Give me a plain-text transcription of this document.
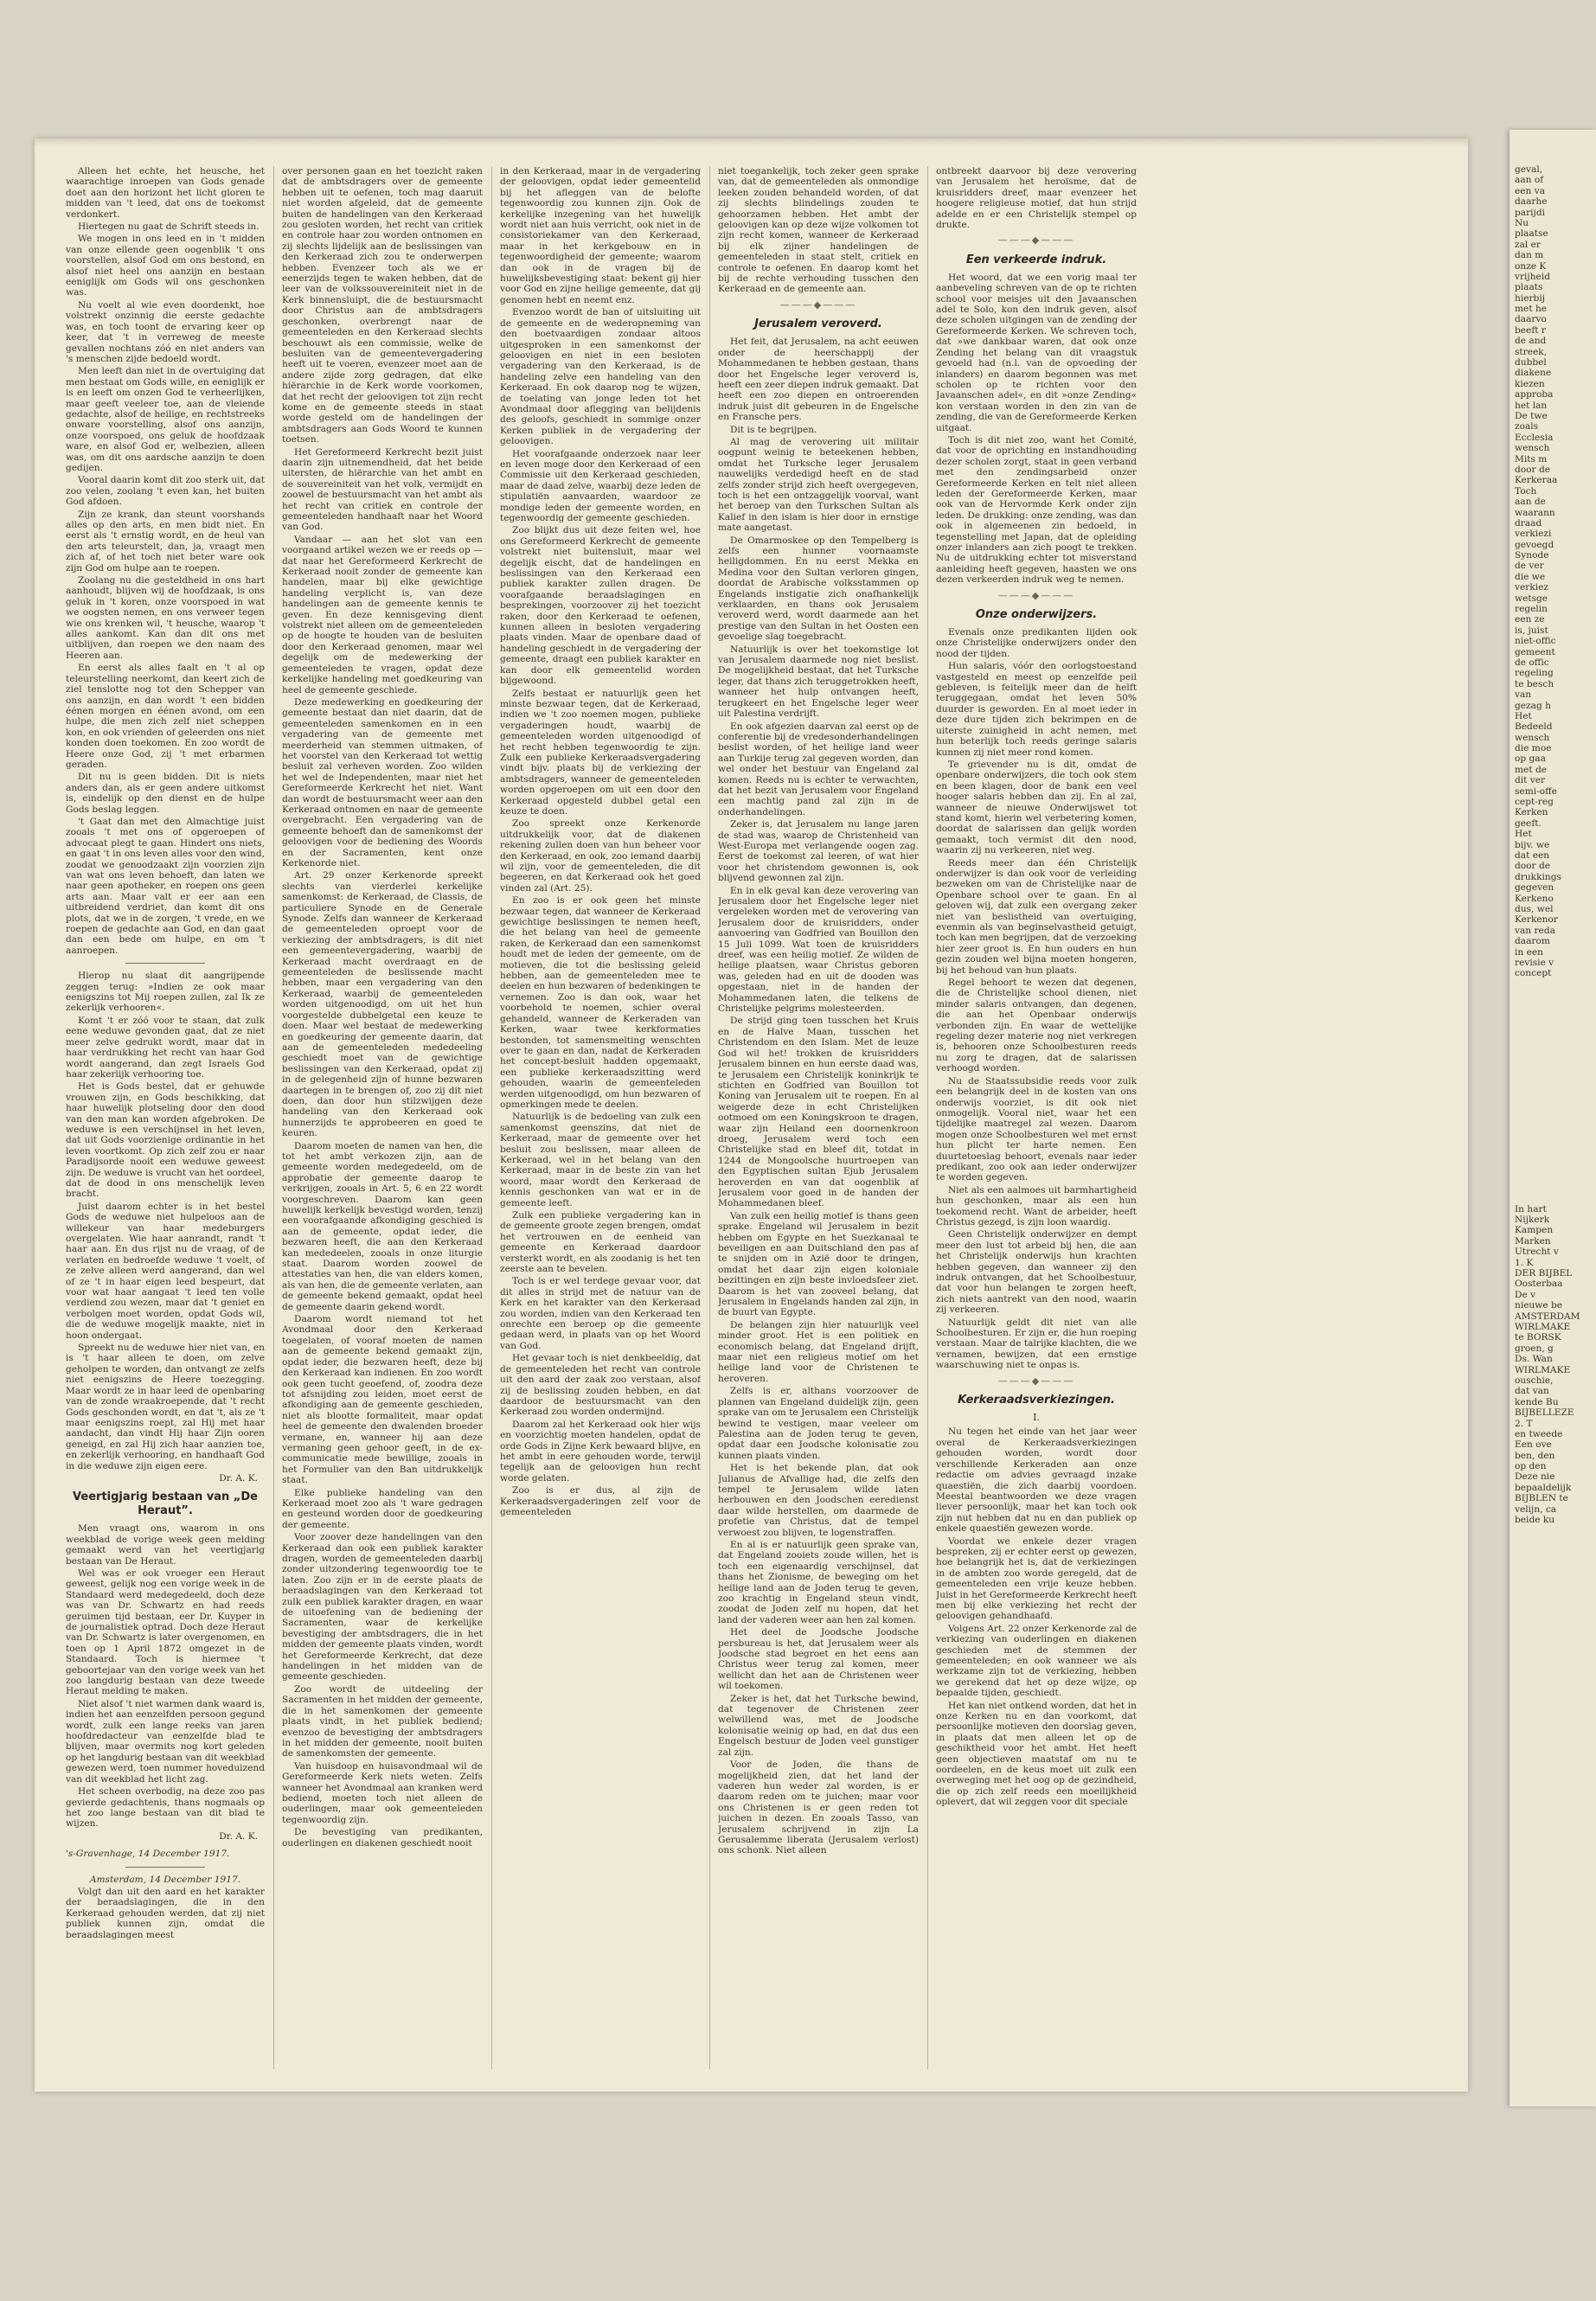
Alleen het echte, het heusche, het waarachtige inroepen van Gods genade doet aan den horizont het licht gloren te midden van 't leed, dat ons de toekomst verdonkert.

Hiertegen nu gaat de Schrift steeds in.

We mogen in ons leed en in 't midden van onze ellende geen oogenblik 't ons voorstellen, alsof God om ons bestond, en alsof niet heel ons aanzijn en bestaan eeniglijk om Gods wil ons geschonken was.

Nu voelt al wie even doordenkt, hoe volstrekt onzinnig die eerste gedachte was, en toch toont de ervaring keer op keer, dat 't in verreweg de meeste gevallen nochtans zóó en niet anders van 's menschen zijde bedoeld wordt.

Men leeft dan niet in de overtuiging dat men bestaat om Gods wille, en eeniglijk er is en leeft om onzen God te verheerlijken, maar geeft veeleer toe, aan de vleiende gedachte, alsof de heilige, en rechtstreeks onware voorstelling, alsof ons aanzijn, onze voorspoed, ons geluk de hoofdzaak ware, en alsof God er, welbezien, alleen was, om dit ons aardsche aanzijn te doen gedijen.

Vooral daarin komt dit zoo sterk uit, dat zoo velen, zoolang 't even kan, het buiten God afdoen.

Zijn ze krank, dan steunt voorshands alles op den arts, en men bidt niet. En eerst als 't ernstig wordt, en de heul van den arts teleurstelt, dan, ja, vraagt men zich af, of het toch niet beter ware ook zijn God om hulpe aan te roepen.

Zoolang nu die gesteldheid in ons hart aanhoudt, blijven wij de hoofdzaak, is ons geluk in 't koren, onze voorspoed in wat we oogsten nemen, en ons verweer tegen wie ons krenken wil, 't heusche, waarop 't alles aankomt. Kan dan dit ons met uitblijven, dan roepen we den naam des Heeren aan.

En eerst als alles faalt en 't al op teleurstelling neerkomt, dan keert zich de ziel tenslotte nog tot den Schepper van ons aanzijn, en dan wordt 't een bidden éénen morgen en éénen avond, om een hulpe, die men zich zelf niet scheppen kon, en ook vrienden of geleerden ons niet konden doen toekomen. En zoo wordt de Heere onze God, zij 't met erbarmen geraden.

Dit nu is geen bidden. Dit is niets anders dan, als er geen andere uitkomst is, eindelijk op den dienst en de hulpe Gods beslag leggen.

't Gaat dan met den Almachtige juist zooals 't met ons of opgeroepen of advocaat plegt te gaan. Hindert ons niets, en gaat 't in ons leven alles voor den wind, zoodat we genoodzaakt zijn voorzien zijn van wat ons leven behoeft, dan laten we naar geen apotheker, en roepen ons geen arts aan. Maar valt er eer aan een uitbreidend verdriet, dan komt dit ons plots, dat we in de zorgen, 't vrede, en we roepen de gedachte aan God, en dan gaat dan een bede om hulpe, en om 't aanroepen.

Hierop nu slaat dit aangrijpende zeggen terug: »Indien ze ook maar eenigszins tot Mij roepen zullen, zal Ik ze zekerlijk verhooren«.

Komt 't er zóó voor te staan, dat zulk eene weduwe gevonden gaat, dat ze niet meer zelve gedrukt wordt, maar dat in haar verdrukking het recht van haar God wordt aangerand, dan zegt Israels God haar zekerlijk verhooring toe.

Het is Gods bestel, dat er gehuwde vrouwen zijn, en Gods beschikking, dat haar huwelijk plotseling door den dood van den man kan worden afgebroken. De weduwe is een verschijnsel in het leven, dat uit Gods voorzienige ordinantie in het leven voortkomt. Op zich zelf zou er naar Paradijsorde nooit een weduwe geweest zijn. De weduwe is vrucht van het oordeel, dat de dood in ons menschelijk leven bracht.

Juist daarom echter is in het bestel Gods de weduwe niet hulpeloos aan de willekeur van haar medeburgers overgelaten. Wie haar aanrandt, randt 't haar aan. En dus rijst nu de vraag, of de verlaten en bedroefde weduwe 't voelt, of ze zelve alleen werd aangerand, dan wel of ze 't in haar eigen leed bespeurt, dat voor wat haar aangaat 't leed ten volle verdiend zou wezen, maar dat 't geniet en verbolgen moet worden, opdat Gods wil, die de weduwe mogelijk maakte, niet in hoon ondergaat.

Spreekt nu de weduwe hier niet van, en is 't haar alleen te doen, om zelve geholpen te worden, dan ontvangt ze zelfs niet eenigszins de Heere toezegging. Maar wordt ze in haar leed de openbaring van de zonde wraakroepende, dat 't recht Gods geschonden wordt, en dat 't, als ze 't maar eenigszins roept, zal Hij met haar aandacht, dan vindt Hij haar Zijn ooren geneigd, en zal Hij zich haar aanzien toe, en zekerlijk verhooring, en handhaaft God in die weduwe zijn eigen eere.

Dr. A. K.
Veertigjarig bestaan van „De Heraut”.

Men vraagt ons, waarom in ons weekblad de vorige week geen melding gemaakt werd van het veertigjarig bestaan van De Heraut.

Wel was er ook vroeger een Heraut geweest, gelijk nog een vorige week in de Standaard werd medegedeeld, doch deze was van Dr. Schwartz en had reeds geruimen tijd bestaan, eer Dr. Kuyper in de journalistiek optrad. Doch deze Heraut van Dr. Schwartz is later overgenomen, en toen op 1 April 1872 omgezet in de Standaard. Toch is hiermee 't geboortejaar van den vorige week van het zoo langdurig bestaan van deze tweede Heraut melding te maken.

Niet alsof 't niet warmen dank waard is, indien het aan eenzelfden persoon gegund wordt, zulk een lange reeks van jaren hoofdredacteur van eenzelfde blad te blijven, maar overmits nog kort geleden op het langdurig bestaan van dit weekblad gewezen werd, toen nummer hoveduizend van dit weekblad het licht zag.

Het scheen overbodig, na deze zoo pas gevierde gedachtenis, thans nogmaals op het zoo lange bestaan van dit blad te wijzen.

Dr. A. K.
's-Gravenhage, 14 December 1917.
Amsterdam, 14 December 1917.

Volgt dan uit den aard en het karakter der beraadslagingen, die in den Kerkeraad gehouden werden, dat zij niet publiek kunnen zijn, omdat die beraadslagingen meest

over personen gaan en het toezicht raken dat de ambtsdragers over de gemeente hebben uit te oefenen, toch mag daaruit niet worden afgeleid, dat de gemeente buiten de handelingen van den Kerkeraad zou gesloten worden, het recht van critiek en controle haar zou worden ontnomen en zij slechts lijdelijk aan de beslissingen van den Kerkeraad zich zou te onderwerpen hebben. Evenzeer toch als we er eenerzijds tegen te waken hebben, dat de leer van de volkssouvereiniteit niet in de Kerk binnensluipt, die de bestuursmacht door Christus aan de ambtsdragers geschonken, overbrengt naar de gemeenteleden en den Kerkeraad slechts beschouwt als een commissie, welke de besluiten van de gemeentevergadering heeft uit te voeren, evenzeer moet aan de andere zijde zorg gedragen, dat elke hiërarchie in de Kerk worde voorkomen, dat het recht der geloovigen tot zijn recht kome en de gemeente steeds in staat worde gesteld om de handelingen der ambtsdragers aan Gods Woord te kunnen toetsen.

Het Gereformeerd Kerkrecht bezit juist daarin zijn uitnemendheid, dat het beide uitersten, de hiërarchie van het ambt en de souvereiniteit van het volk, vermijdt en zoowel de bestuursmacht van het ambt als het recht van critiek en controle der gemeenteleden handhaaft naar het Woord van God.

Vandaar — aan het slot van een voorgaand artikel wezen we er reeds op — dat naar het Gereformeerd Kerkrecht de Kerkeraad nooit zonder de gemeente kan handelen, maar bij elke gewichtige handeling verplicht is, van deze handelingen aan de gemeente kennis te geven. En deze kennisgeving dient volstrekt niet alleen om de gemeenteleden op de hoogte te houden van de besluiten door den Kerkeraad genomen, maar wel degelijk om de medewerking der gemeenteleden te vragen, opdat deze kerkelijke handeling met goedkeuring van heel de gemeente geschiede.

Deze medewerking en goedkeuring der gemeente bestaat dan niet daarin, dat de gemeenteleden samenkomen en in een vergadering van de gemeente met meerderheid van stemmen uitmaken, of het voorstel van den Kerkeraad tot wettig besluit zal verheven worden. Zoo wilden het wel de Independenten, maar niet het Gereformeerde Kerkrecht het niet. Want dan wordt de bestuursmacht weer aan den Kerkeraad ontnomen en naar de gemeente overgebracht. Een vergadering van de gemeente behoeft dan de samenkomst der geloovigen voor de bediening des Woords en der Sacramenten, kent onze Kerkenorde niet.

Art. 29 onzer Kerkenorde spreekt slechts van vierderlei kerkelijke samenkomst: de Kerkeraad, de Classis, de particuliere Synode en de Generale Synode. Zelfs dan wanneer de Kerkeraad de gemeenteleden oproept voor de verkiezing der ambtsdragers, is dit niet een gemeentevergadering, waarbij de Kerkeraad macht overdraagt en de gemeenteleden de beslissende macht hebben, maar een vergadering van den Kerkeraad, waarbij de gemeenteleden worden uitgenoodigd, om uit het hun voorgestelde dubbelgetal een keuze te doen. Maar wel bestaat de medewerking en goedkeuring der gemeente daarin, dat aan de gemeenteleden mededeeling geschiedt moet van de gewichtige beslissingen van den Kerkeraad, opdat zij in de gelegenheid zijn of hunne bezwaren daartegen in te brengen of, zoo zij dit niet doen, dan door hun stilzwijgen deze handeling van den Kerkeraad ook hunnerzijds te approbeeren en goed te keuren.

Daarom moeten de namen van hen, die tot het ambt verkozen zijn, aan de gemeente worden medegedeeld, om de approbatie der gemeente daarop te verkrijgen, zooals in Art. 5, 6 en 22 wordt voorgeschreven. Daarom kan geen huwelijk kerkelijk bevestigd worden, tenzij een voorafgaande afkondiging geschied is aan de gemeente, opdat ieder, die bezwaren heeft, die aan den Kerkeraad kan mededeelen, zooals in onze liturgie staat. Daarom worden zoowel de attestaties van hen, die van elders komen, als van hen, die de gemeente verlaten, aan de gemeente bekend gemaakt, opdat heel de gemeente daarin gekend wordt.

Daarom wordt niemand tot het Avondmaal door den Kerkeraad toegelaten, of vooraf moeten de namen aan de gemeente bekend gemaakt zijn, opdat ieder, die bezwaren heeft, deze bij den Kerkeraad kan indienen. En zoo wordt ook geen tucht geoefend, of, zoodra deze tot afsnijding zou leiden, moet eerst de afkondiging aan de gemeente geschieden, niet als blootte formaliteit, maar opdat heel de gemeente den dwalenden broeder vermane, en, wanneer hij aan deze vermaning geen gehoor geeft, in de ex-communicatie mede bewillige, zooals in het Formulier van den Ban uitdrukkelijk staat.

Elke publieke handeling van den Kerkeraad moet zoo als 't ware gedragen en gesteund worden door de goedkeuring der gemeente.

Voor zoover deze handelingen van den Kerkeraad dan ook een publiek karakter dragen, worden de gemeenteleden daarbij zonder uitzondering tegenwoordig toe te laten. Zoo zijn er in de eerste plaats de beraadslagingen van den Kerkeraad tot zulk een publiek karakter dragen, en waar de uitoefening van de bediening der Sacramenten, waar de kerkelijke bevestiging der ambtsdragers, die in het midden der gemeente plaats vinden, wordt het Gereformeerde Kerkrecht, dat deze handelingen in het midden van de gemeente geschieden.

Zoo wordt de uitdeeling der Sacramenten in het midden der gemeente, die in het samenkomen der gemeente plaats vindt, in het publiek bediend; evenzoo de bevestiging der ambtsdragers in het midden der gemeente, nooit buiten de samenkomsten der gemeente.

Van huisdoop en huisavondmaal wil de Gereformeerde Kerk niets weten. Zelfs wanneer het Avondmaal aan kranken werd bediend, moeten toch niet alleen de ouderlingen, maar ook gemeenteleden tegenwoordig zijn.

De bevestiging van predikanten, ouderlingen en diakenen geschiedt nooit

in den Kerkeraad, maar in de vergadering der geloovigen, opdat ieder gemeentelid bij het afleggen van de belofte tegenwoordig zou kunnen zijn. Ook de kerkelijke inzegening van het huwelijk wordt niet aan huis verricht, ook niet in de consistoriekamer van den Kerkeraad, maar in het kerkgebouw en in tegenwoordigheid der gemeente; waarom dan ook in de vragen bij de huwelijksbevestiging staat: bekent gij hier voor God en zijne heilige gemeente, dat gij genomen hebt en neemt enz.

Evenzoo wordt de ban of uitsluiting uit de gemeente en de wederopneming van den boetvaardigen zondaar altoos uitgesproken in een samenkomst der geloovigen en niet in een besloten vergadering van den Kerkeraad, is de handeling zelve een handeling van den Kerkeraad. En ook daarop nog te wijzen, de toelating van jonge leden tot het Avondmaal door aflegging van belijdenis des geloofs, geschiedt in sommige onzer Kerken publiek in de vergadering der geloovigen.

Het voorafgaande onderzoek naar leer en leven moge door den Kerkeraad of een Commissie uit den Kerkeraad geschieden, maar de daad zelve, waarbij deze leden de stipulatiën aanvaarden, waardoor ze mondige leden der gemeente worden, en tegenwoordig der gemeente geschieden.

Zoo blijkt dus uit deze feiten wel, hoe ons Gereformeerd Kerkrecht de gemeente volstrekt niet buitensluit, maar wel degelijk eischt, dat de handelingen en beslissingen van den Kerkeraad een publiek karakter zullen dragen. De voorafgaande beraadslagingen en besprekingen, voorzoover zij het toezicht raken, door den Kerkeraad te oefenen, kunnen alleen in besloten vergadering plaats vinden. Maar de openbare daad of handeling geschiedt in de vergadering der gemeente, draagt een publiek karakter en kan door elk gemeentelid worden bijgewoond.

Zelfs bestaat er natuurlijk geen het minste bezwaar tegen, dat de Kerkeraad, indien we 't zoo noemen mogen, publieke vergaderingen houdt, waarbij de gemeenteleden worden uitgenoodigd of het recht hebben tegenwoordig te zijn. Zulk een publieke Kerkeraadsvergadering vindt bijv. plaats bij de verkiezing der ambtsdragers, wanneer de gemeenteleden worden opgeroepen om uit een door den Kerkeraad opgesteld dubbel getal een keuze te doen.

Zoo spreekt onze Kerkenorde uitdrukkelijk voor, dat de diakenen rekening zullen doen van hun beheer voor den Kerkeraad, en ook, zoo iemand daarbij wil zijn, voor de gemeenteleden, die dit begeeren, en dat Kerkeraad ook het goed vinden zal (Art. 25).

En zoo is er ook geen het minste bezwaar tegen, dat wanneer de Kerkeraad gewichtige beslissingen te nemen heeft, die het belang van heel de gemeente raken, de Kerkeraad dan een samenkomst houdt met de leden der gemeente, om de motieven, die tot die beslissing geleid hebben, aan de gemeenteleden mee te deelen en hun bezwaren of bedenkingen te vernemen. Zoo is dan ook, waar het voorbehold te noemen, schier overal gehandeld, wanneer de Kerkeraden van Kerken, waar twee kerkformaties bestonden, tot samensmelting wenschten over te gaan en dan, nadat de Kerkeraden het concept-besluit hadden opgemaakt, een publieke kerkeraadszitting werd gehouden, waarin de gemeenteleden werden uitgenoodigd, om hun bezwaren of opmerkingen mede te deelen.

Natuurlijk is de bedoeling van zulk een samenkomst geenszins, dat niet de Kerkeraad, maar de gemeente over het besluit zou beslissen, maar alleen de Kerkeraad, wel in het belang van den Kerkeraad, maar in de beste zin van het woord, maar wordt den Kerkeraad de kennis geschonken van wat er in de gemeente leeft.

Zulk een publieke vergadering kan in de gemeente groote zegen brengen, omdat het vertrouwen en de eenheid van gemeente en Kerkeraad daardoor versterkt wordt, en als zoodanig is het ten zeerste aan te bevelen.

Toch is er wel terdege gevaar voor, dat dit alles in strijd met de natuur van de Kerk en het karakter van den Kerkeraad zou worden, indien van den Kerkeraad ten onrechte een beroep op die gemeente gedaan werd, in plaats van op het Woord van God.

Het gevaar toch is niet denkbeeldig, dat de gemeenteleden het recht van controle uit den aard der zaak zoo verstaan, alsof zij de beslissing zouden hebben, en dat daardoor de bestuursmacht van den Kerkeraad zou worden ondermijnd.

Daarom zal het Kerkeraad ook hier wijs en voorzichtig moeten handelen, opdat de orde Gods in Zijne Kerk bewaard blijve, en het ambt in eere gehouden worde, terwijl tegelijk aan de geloovigen hun recht worde gelaten.

Zoo is er dus, al zijn de Kerkeraadsvergaderingen zelf voor de gemeenteleden

niet toegankelijk, toch zeker geen sprake van, dat de gemeenteleden als onmondige leeken zouden behandeld worden, of dat zij slechts blindelings zouden te gehoorzamen hebben. Het ambt der geloovigen kan op deze wijze volkomen tot zijn recht komen, wanneer de Kerkeraad bij elk zijner handelingen de gemeenteleden in staat stelt, critiek en controle te oefenen. En daarop komt het bij de rechte verhouding tusschen den Kerkeraad en de gemeente aan.

———◆———
Jerusalem veroverd.

Het feit, dat Jerusalem, na acht eeuwen onder de heerschappij der Mohammedanen te hebben gestaan, thans door het Engelsche leger veroverd is, heeft een zeer diepen indruk gemaakt. Dat heeft een zoo diepen en ontroerenden indruk juist dit gebeuren in de Engelsche en Fransche pers.

Dit is te begrijpen.

Al mag de verovering uit militair oogpunt weinig te beteekenen hebben, omdat het Turksche leger Jerusalem nauwelijks verdedigd heeft en de stad zelfs zonder strijd zich heeft overgegeven, toch is het een ontzaggelijk voorval, want het beroep van den Turkschen Sultan als Kalief in den islam is hier door in ernstige mate aangetast.

De Omarmoskee op den Tempelberg is zelfs een hunner voornaamste heiligdommen. En nu eerst Mekka en Medina voor den Sultan verloren gingen, doordat de Arabische volksstammen op Engelands instigatie zich onafhankelijk verklaarden, en thans ook Jerusalem veroverd werd, wordt daarmede aan het prestige van den Sultan in het Oosten een gevoelige slag toegebracht.

Natuurlijk is over het toekomstige lot van Jerusalem daarmede nog niet beslist. De mogelijkheid bestaat, dat het Turksche leger, dat thans zich teruggetrokken heeft, wanneer het hulp ontvangen heeft, terugkeert en het Engelsche leger weer uit Palestina verdrijft.

En ook afgezien daarvan zal eerst op de conferentie bij de vredesonderhandelingen beslist worden, of het heilige land weer aan Turkije terug zal gegeven worden, dan wel onder het bestuur van Engeland zal komen. Reeds nu is echter te verwachten, dat het bezit van Jerusalem voor Engeland een machtig pand zal zijn in de onderhandelingen.

Zeker is, dat Jerusalem nu lange jaren de stad was, waarop de Christenheid van West-Europa met verlangende oogen zag. Eerst de toekomst zal leeren, of wat hier voor het christendom gewonnen is, ook blijvend gewonnen zal zijn.

En in elk geval kan deze verovering van Jerusalem door het Engelsche leger niet vergeleken worden met de verovering van Jerusalem door de kruisridders, onder aanvoering van Godfried van Bouillon den 15 Juli 1099. Wat toen de kruisridders dreef, was een heilig motief. Ze wilden de heilige plaatsen, waar Christus geboren was, geleden had en uit de dooden was opgestaan, niet in de handen der Mohammedanen laten, die telkens de Christelijke pelgrims molesteerden.

De strijd ging toen tusschen het Kruis en de Halve Maan, tusschen het Christendom en den Islam. Met de leuze God wil het! trokken de kruisridders Jerusalem binnen en hun eerste daad was, te Jerusalem een Christelijk koninkrijk te stichten en Godfried van Bouillon tot Koning van Jerusalem uit te roepen. En al weigerde deze in echt Christelijken ootmoed om een Koningskroon te dragen, waar zijn Heiland een doornenkroon droeg, Jerusalem werd toch een Christelijke stad en bleef dit, totdat in 1244 de Mongoolsche huurtroepen van den Egyptischen sultan Ejub Jerusalem heroverden en van dat oogenblik af Jerusalem voor goed in de handen der Mohammedanen bleef.

Van zulk een heilig motief is thans geen sprake. Engeland wil Jerusalem in bezit hebben om Egypte en het Suezkanaal te beveiligen en aan Duitschland den pas af te snijden om in Azië door te dringen, omdat het daar zijn eigen koloniale bezittingen en zijn beste invloedsfeer ziet. Daarom is het van zooveel belang, dat Jerusalem in Engelands handen zal zijn, in de buurt van Egypte.

De belangen zijn hier natuurlijk veel minder groot. Het is een politiek en economisch belang, dat Engeland drijft, maar niet een religieus motief om het heilige land voor de Christenen te heroveren.

Zelfs is er, althans voorzoover de plannen van Engeland duidelijk zijn, geen sprake van om te Jerusalem een Christelijk bewind te vestigen, maar veeleer om Palestina aan de Joden terug te geven, opdat daar een Joodsche kolonisatie zou kunnen plaats vinden.

Het is het bekende plan, dat ook Julianus de Afvallige had, die zelfs den tempel te Jerusalem wilde laten herbouwen en den Joodschen eeredienst daar wilde herstellen, om daarmede de profetie van Christus, dat de tempel verwoest zou blijven, te logenstraffen.

En al is er natuurlijk geen sprake van, dat Engeland zooiets zoude willen, het is toch een eigenaardig verschijnsel, dat thans het Zionisme, de beweging om het heilige land aan de Joden terug te geven, zoo krachtig in Engeland steun vindt, zoodat de Joden zelf nu hopen, dat het land der vaderen weer aan hen zal komen.

Het deel de Joodsche Joodsche persbureau is het, dat Jerusalem weer als Joodsche stad begroet en het eens aan Christus weer terug zal komen, meer wellicht dan het aan de Christenen weer wil toekomen.

Zeker is het, dat het Turksche bewind, dat tegenover de Christenen zeer welwillend was, met de Joodsche kolonisatie weinig op had, en dat dus een Engelsch bestuur de Joden veel gunstiger zal zijn.

Voor de Joden, die thans de mogelijkheid zien, dat het land der vaderen hun weder zal worden, is er daarom reden om te juichen; maar voor ons Christenen is er geen reden tot juichen in dezen. En zooals Tasso, van Jerusalem schrijvend in zijn La Gerusalemme liberata (Jerusalem verlost) ons schonk. Niet alleen

ontbreekt daarvoor bij deze verovering van Jerusalem het heroïsme, dat de kruisridders dreef, maar evenzeer het hoogere religieuse motief, dat hun strijd adelde en er een Christelijk stempel op drukte.

———◆———
Een verkeerde indruk.

Het woord, dat we een vorig maal ter aanbeveling schreven van de op te richten school voor meisjes uit den Javaanschen adel te Solo, kon den indruk geven, alsof deze scholen uitgingen van de zending der Gereformeerde Kerken. We schreven toch, dat »we dankbaar waren, dat ook onze Zending het belang van dit vraagstuk gevoeld had (n.l. van de opvoeding der inlanders) en daarom begonnen was met scholen op te richten voor den Javaanschen adel«, en dit »onze Zending« kon verstaan worden in den zin van de zending, die van de Gereformeerde Kerken uitgaat.

Toch is dit niet zoo, want het Comité, dat voor de oprichting en instandhouding dezer scholen zorgt, staat in geen verband met den zendingsarbeid onzer Gereformeerde Kerken en telt niet alleen leden der Gereformeerde Kerken, maar ook van de Hervormde Kerk onder zijn leden. De drukking: onze zending, was dan ook in algemeenen zin bedoeld, in tegenstelling met Japan, dat de opleiding onzer inlanders aan zich poogt te trekken. Nu de uitdrukking echter tot misverstand aanleiding heeft gegeven, haasten we ons dezen verkeerden indruk weg te nemen.

———◆———
Onze onderwijzers.

Evenals onze predikanten lijden ook onze Christelijke onderwijzers onder den nood der tijden.

Hun salaris, vóór den oorlogstoestand vastgesteld en meest op eenzelfde peil gebleven, is feitelijk meer dan de helft teruggegaan, omdat het leven 50% duurder is geworden. En al moet ieder in deze dure tijden zich bekrimpen en de uiterste zuinigheid in acht nemen, met hun beterlijk toch reeds geringe salaris kunnen zij niet meer rond komen.

Te grievender nu is dit, omdat de openbare onderwijzers, die toch ook stem en been klagen, door de bank een veel hooger salaris hebben dan zij. En al zal, wanneer de nieuwe Onderwijswet tot stand komt, hierin wel verbetering komen, doordat de salarissen dan gelijk worden gemaakt, toch vermist dit den nood, waarin zij nu verkeeren, niet weg.

Reeds meer dan één Christelijk onderwijzer is dan ook voor de verleiding bezweken om van de Christelijke naar de Openbare school over te gaan. En al geloven wij, dat zulk een overgang zeker niet van beslistheid van overtuiging, evenmin als van beginselvastheid getuigt, toch kan men begrijpen, dat de verzoeking hier zeer groot is. En hun ouders en hun gezin zouden wel bijna moeten hongeren, bij het behoud van hun plaats.

Regel behoort te wezen dat degenen, die de Christelijke school dienen, niet minder salaris ontvangen, dan degenen, die aan het Openbaar onderwijs verbonden zijn. En waar de wettelijke regeling dezer materie nog niet verkregen is, behooren onze Schoolbesturen reeds nu zorg te dragen, dat de salarissen verhoogd worden.

Nu de Staatssubsidie reeds voor zulk een belangrijk deel in de kosten van ons onderwijs voorziet, is dit ook niet onmogelijk. Vooral niet, waar het een tijdelijke maatregel zal wezen. Daarom mogen onze Schoolbesturen wel met ernst hun plicht ter harte nemen. Een duurtetoeslag behoort, evenals naar ieder predikant, zoo ook aan ieder onderwijzer te worden gegeven.

Niet als een aalmoes uit barmhartigheid hun geschonken, maar als een hun toekomend recht. Want de arbeider, heeft Christus gezegd, is zijn loon waardig.

Geen Christelijk onderwijzer en dempt meer den lust tot arbeid bij hen, die aan het Christelijk onderwijs hun krachten hebben gegeven, dan wanneer zij den indruk ontvangen, dat het Schoolbestuur, dat voor hun belangen te zorgen heeft, zich niets aantrekt van den nood, waarin zij verkeeren.

Natuurlijk geldt dit niet van alle Schoolbesturen. Er zijn er, die hun roeping verstaan. Maar de talrijke klachten, die we vernamen, bewijzen, dat een ernstige waarschuwing niet te onpas is.

———◆———
Kerkeraadsverkiezingen.
I.

Nu tegen het einde van het jaar weer overal de Kerkeraadsverkiezingen gehouden worden, wordt door verschillende Kerkeraden aan onze redactie om advies gevraagd inzake quaestiën, die zich daarbij voordoen. Meestal beantwoorden we deze vragen liever persoonlijk, maar het kan toch ook zijn nut hebben dat nu en dan publiek op enkele quaestiën gewezen worde.

Voordat we enkele dezer vragen bespreken, zij er echter eerst op gewezen, hoe belangrijk het is, dat de verkiezingen in de ambten zoo worde geregeld, dat de gemeenteleden een vrije keuze hebben. Juist in het Gereformeerde Kerkrecht heeft men bij elke verkiezing het recht der geloovigen gehandhaafd.

Volgens Art. 22 onzer Kerkenorde zal de verkiezing van ouderlingen en diakenen geschieden met de stemmen der gemeenteleden; en ook wanneer we als werkzame zijn tot de verkiezing, hebben we gerekend dat het op deze wijze, op bepaalde tijden, geschiedt.

Het kan niet ontkend worden, dat het in onze Kerken nu en dan voorkomt, dat persoonlijke motieven den doorslag geven, in plaats dat men alleen let op de geschiktheid voor het ambt. Het heeft geen objectieven maatstaf om nu te oordeelen, en de keus moet uit zulk een overweging met het oog op de gezindheid, die op zich zelf reeds een moeilijkheid oplevert, dat wil zeggen voor dit speciale

geval,
aan of
een va
daarhe
parijdi
Nu
plaatse
zal er
dan m
onze K
vrijheid
plaats
hierbij
met he
daarvo
beeft r
de and
streek,
dubbel
diakene
kiezen
approba
het lan
De twe
zoals
Ecclesia
wensch
Mits m
door de
Kerkeraa
Toch
aan de
waarann
draad
verkiezi
gevoegd
Synode
de ver
die we
verkiez
wetsge
regelin
een ze
is, juist
niet-offic
gemeent
de offic
regeling
te besch
van
gezag h
Het
Bedeeld
wensch
die moe
op gaa
met de
dit ver
semi-offe
cept-reg
Kerken
geeft.
Het
bijv. we
dat een
door de
drukkings
gegeven
Kerkeno
dus, wel
Kerkenor
van reda
daarom
in een
revisie v
concept
In hart
Nijkerk
Kampen
Marken
Utrecht v
1. K
DER BIJBEL
Oosterbaa
De v
nieuwe be
AMSTERDAM
WIRLMAKE
te BORSK
groen, g
Ds. Wan
WIRLMAKE
ouschie,
dat van
kende Bu
BIJBELLEZE
2. T
en tweede
Een ove
ben, den
op den
Deze nie
bepaaldelijk
BIJBLEN te
velijn, ca
beide ku
